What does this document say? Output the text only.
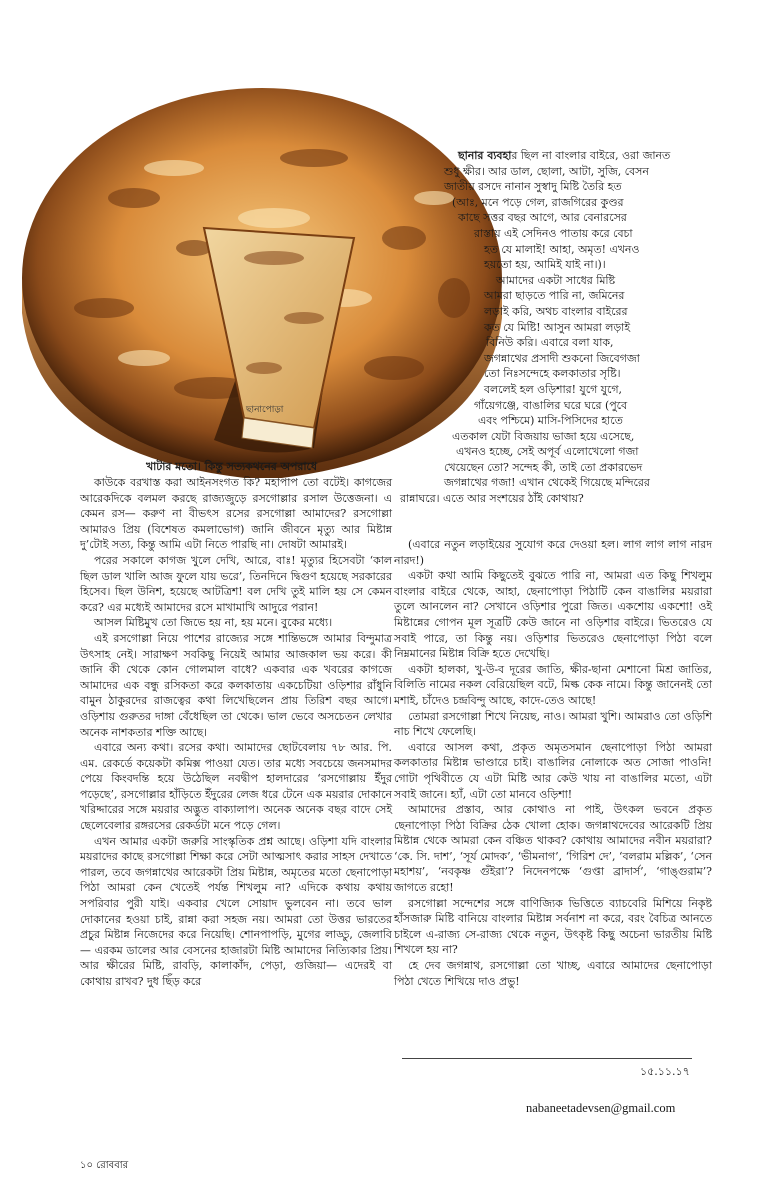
ছানাপোড়া
ছানার ব্যবহার ছিল না বাংলার বাইরে, ওরা জানত
শুধু ক্ষীর। আর ডাল, ছোলা, আটা, সুজি, বেসন
জাতীয় রসদে নানান সুস্বাদু মিষ্টি তৈরি হত
(আঃ, মনে পড়ে গেল, রাজগিরের কুণ্ডর
কাছে সত্তর বছর আগে, আর বেনারসের
রাস্তায় এই সেদিনও পাতায় করে বেচা
হত যে মালাই! আহা, অমৃত! এখনও
হয়তো হয়, আমিই যাই না।)।
আমাদের একটা সাধের মিষ্টি
আমরা ছাড়তে পারি না, জমিনের
লড়াই করি, অথচ বাংলার বাইরের
কত যে মিষ্টি! আসুন আমরা লড়াই
বিনিউ করি। এবারে বলা যাক,
জগন্নাথের প্রসাদী শুকনো জিবেগজা
তো নিঃসন্দেহে কলকাতার সৃষ্টি।
বললেই হল ওড়িশার! যুগে যুগে,
গাঁয়েগঞ্জে, বাঙালির ঘরে ঘরে (পুবে
এবং পশ্চিমে) মাসি-পিসিদের হাতে
এতকাল যেটা বিজয়ায় ভাজা হয়ে এসেছে,
এখনও হচ্ছে, সেই অপূর্ব এলোখেলো গজা
খেয়েছেন তো? সন্দেহ কী, তাই তো প্রকারভেদ
জগন্নাথের গজা! এখান থেকেই গিয়েছে মন্দিরের
রান্নাঘরে। এতে আর সংশয়ের ঠাঁই কোথায়?
খাটার মতো। কিন্তু সত্যকথনের অপরাধে

কাউকে বরখাস্ত করা আইনসংগত কি? মহাপাপ তো বটেই। কাগজের আরেকদিকে বলমল করছে রাজ্যজুড়ে রসগোল্লার রসাল উত্তেজনা। এ কেমন রস— করুণ না বীভৎস রসের রসগোল্লা আমাদের? রসগোল্লা আমারও প্রিয় (বিশেষত কমলাভোগ) জানি জীবনে মৃত্যু আর মিষ্টান্ন দু’টোই সত্য, কিন্তু আমি এটা নিতে পারছি না। দোষটা আমারই।

পরের সকালে কাগজ খুলে দেখি, আরে, বাঃ! মৃত্যুর হিসেবটা ‘কাল ছিল ডাল খালি আজ ফুলে যায় ভরে’, তিনদিনে দ্বিগুণ হয়েছে সরকারের হিসেব। ছিল উনিশ, হয়েছে আটত্রিশ! বল দেখি তুই মালি হয় সে কেমন করে? এর মধ্যেই আমাদের রসে মাখামাখি আদুরে পরান!

আসল মিষ্টিমুখ তো জিভে হয় না, হয় মনে। বুকের মধ্যে।

এই রসগোল্লা নিয়ে পাশের রাজ্যের সঙ্গে শান্তিভঙ্গে আমার বিন্দুমাত্র উৎসাহ নেই। সারাক্ষণ সবকিছু নিয়েই আমার আজকাল ভয় করে। কী জানি কী থেকে কোন গোলমাল বাধে? একবার এক খবরের কাগজে আমাদের এক বন্ধু রসিকতা করে কলকাতায় একচেটিয়া ওড়িশার রাঁধুনি বামুন ঠাকুরদের রাজত্বের কথা লিখেছিলেন প্রায় তিরিশ বছর আগে। ওড়িশায় গুরুতর দাঙ্গা বেঁধেছিল তা থেকে। ভাল ভেবে অসচেতন লেখার অনেক নাশকতার শক্তি আছে।

এবারে অন্য কথা। রসের কথা। আমাদের ছোটবেলায় ৭৮ আর. পি. এম. রেকর্ডে কয়েকটা কমিক্স পাওয়া যেত। তার মধ্যে সবচেয়ে জনসমাদর পেয়ে কিংবদন্তি হয়ে উঠেছিল নবদ্বীপ হালদারের ‘রসগোল্লায় ইঁদুর পড়েছে’, রসগোল্লার হাঁড়িতে ইঁদুরের লেজ ধরে টেনে এক ময়রার দোকানে খরিদ্দারের সঙ্গে ময়রার অদ্ভুত বাক্যালাপ। অনেক অনেক বছর বাদে সেই ছেলেবেলার রঙ্গরসের রেকর্ডটা মনে পড়ে গেল।

এখন আমার একটা জরুরি সাংস্কৃতিক প্রশ্ন আছে। ওড়িশা যদি বাংলার ময়রাদের কাছে রসগোল্লা শিক্ষা করে সেটা আত্মসাৎ করার সাহস দেখাতে পারল, তবে জগন্নাথের আরেকটা প্রিয় মিষ্টান্ন, অমৃতের মতো ছেনাপোড়া পিঠা আমরা কেন খেতেই পর্যন্ত শিখলুম না? এদিকে কথায় কথায় সপরিবার পুরী যাই। একবার খেলে সোয়াদ ভুলবেন না। তবে ভাল দোকানের হওয়া চাই, রান্না করা সহজ নয়। আমরা তো উত্তর ভারতের প্রচুর মিষ্টান্ন নিজেদের করে নিয়েছি। শোনপাপড়ি, মুগের লাড্ডু, জেলাবি— এরকম ডালের আর বেসনের হাজারটা মিষ্টি আমাদের নিত্যিকার প্রিয়। আর ক্ষীরের মিষ্টি, রাবড়ি, কালাকাঁদ, পেড়া, গুজিয়া— এদেরই বা কোথায় রাখব? দুধ ছিঁড় করে

(এবারে নতুন লড়াইয়ের সুযোগ করে দেওয়া হল। লাগ লাগ লাগ নারদ নারদ!)

একটা কথা আমি কিছুতেই বুঝতে পারি না, আমরা এত কিছু শিখলুম বাংলার বাইরে থেকে, আহা, ছেনাপোড়া পিঠাটি কেন বাঙালির ময়রারা তুলে আনলেন না? সেখানে ওড়িশার পুরো জিত। একশোয় একশো! ওই মিষ্টান্নের গোপন মূল সূত্রটি কেউ জানে না ওড়িশার বাইরে। ভিতরেও যে সবাই পারে, তা কিন্তু নয়। ওড়িশার ভিতরেও ছেনাপোড়া পিঠা বলে নিম্নমানের মিষ্টান্ন বিক্রি হতে দেখেছি।

একটা হালকা, খু-উ-ব দূরের জাতি, ক্ষীর-ছানা মেশানো মিশ্র জাতির, বিলিতি নামের নকল বেরিয়েছিল বটে, মিল্ক কেক নামে। কিন্তু জানেনই তো মশাই, চাঁদেও চন্দ্রবিন্দু আছে, কাদে-তেও আছে!

তোমরা রসগোল্লা শিখে নিয়েছ, নাও। আমরা খুশি। আমরাও তো ওড়িশি নাচ শিখে ফেলেছি।

এবারে আসল কথা, প্রকৃত অমৃতসমান ছেনাপোড়া পিঠা আমরা কলকাতার মিষ্টান্ন ভাণ্ডারে চাই। বাঙালির নোলাকে অত সোজা পাওনি! গোটা পৃথিবীতে যে এটা মিষ্টি আর কেউ খায় না বাঙালির মতো, এটা সবাই জানে। হ্যাঁ, এটা তো মানবে ওড়িশা!

আমাদের প্রস্তাব, আর কোথাও না পাই, উৎকল ভবনে প্রকৃত ছেনাপোড়া পিঠা বিক্রির ঠেক খোলা হোক। জগন্নাথদেবের আরেকটি প্রিয় মিষ্টান্ন থেকে আমরা কেন বঞ্চিত থাকব? কোথায় আমাদের নবীন ময়রারা? ‘কে. সি. দাশ’, ‘সূর্য মোদক’, ‘ভীমনাগ’, ‘গিরিশ দে’, ‘বলরাম মল্লিক’, ‘সেন মহাশয়’, ‘নবকৃষ্ণ গুঁইরা’? নিদেনপক্ষে ‘গুপ্তা ব্রাদার্স’, ‘গাঙ্গুরাম’? জাগতে রহো!

রসগোল্লা সন্দেশের সঙ্গে বাণিজ্যিক ভিত্তিতে ব্যাচবেরি মিশিয়ে নিকৃষ্ট হাঁসজারু মিষ্টি বানিয়ে বাংলার মিষ্টান্ন সর্বনাশ না করে, বরং বৈচিত্র আনতে চাইলে এ-রাজ্য সে-রাজ্য থেকে নতুন, উৎকৃষ্ট কিছু অচেনা ভারতীয় মিষ্টি শিখলে হয় না?

হে দেব জগন্নাথ, রসগোল্লা তো খাচ্ছ, এবারে আমাদের ছেনাপোড়া পিঠা খেতে শিখিয়ে দাও প্রভু!

১৫.১১.১৭
nabaneetadevsen@gmail.com
১০ রোববার
